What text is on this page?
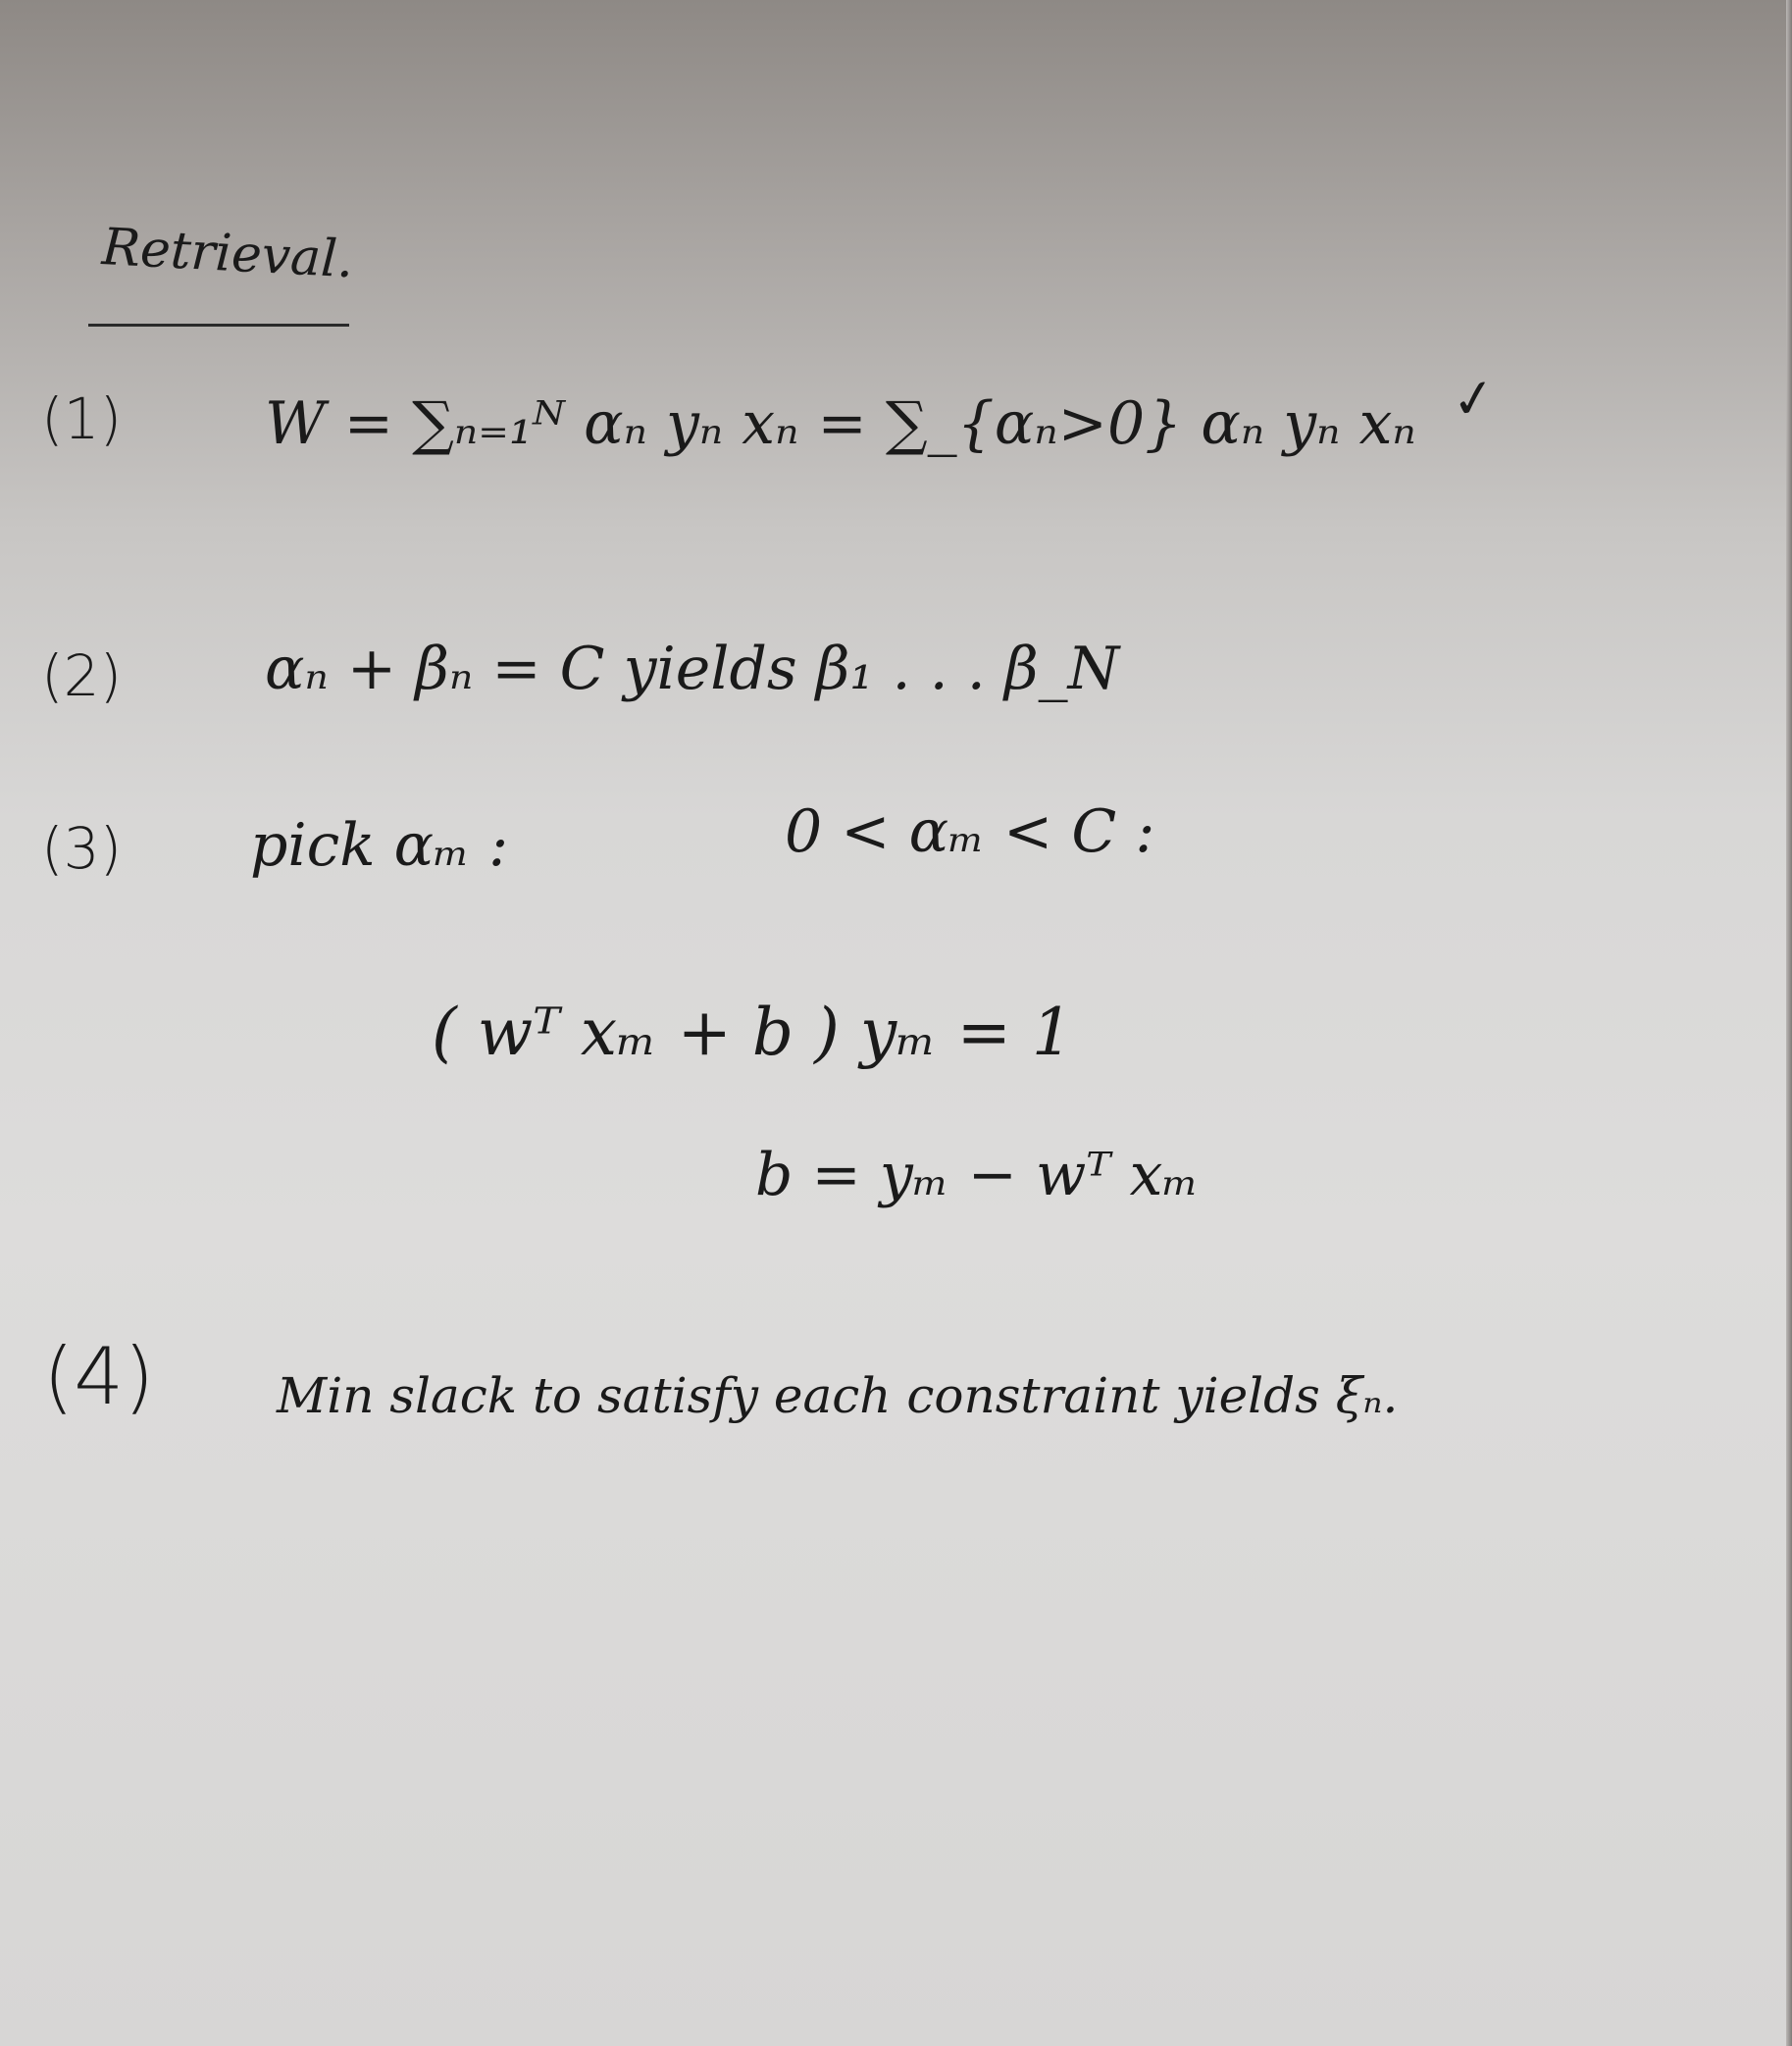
Retrieval.
(1) W = ∑ₙ₌₁ᴺ αₙ yₙ xₙ = ∑_{αₙ>0} αₙ yₙ xₙ ✓
(2) αₙ + βₙ = C yields β₁ . . . β_N
(3) pick αₘ :	0 < αₘ < C :
( wᵀ xₘ + b ) yₘ = 1
b = yₘ − wᵀ xₘ
(4) Min slack to satisfy each constraint yields ξₙ.
